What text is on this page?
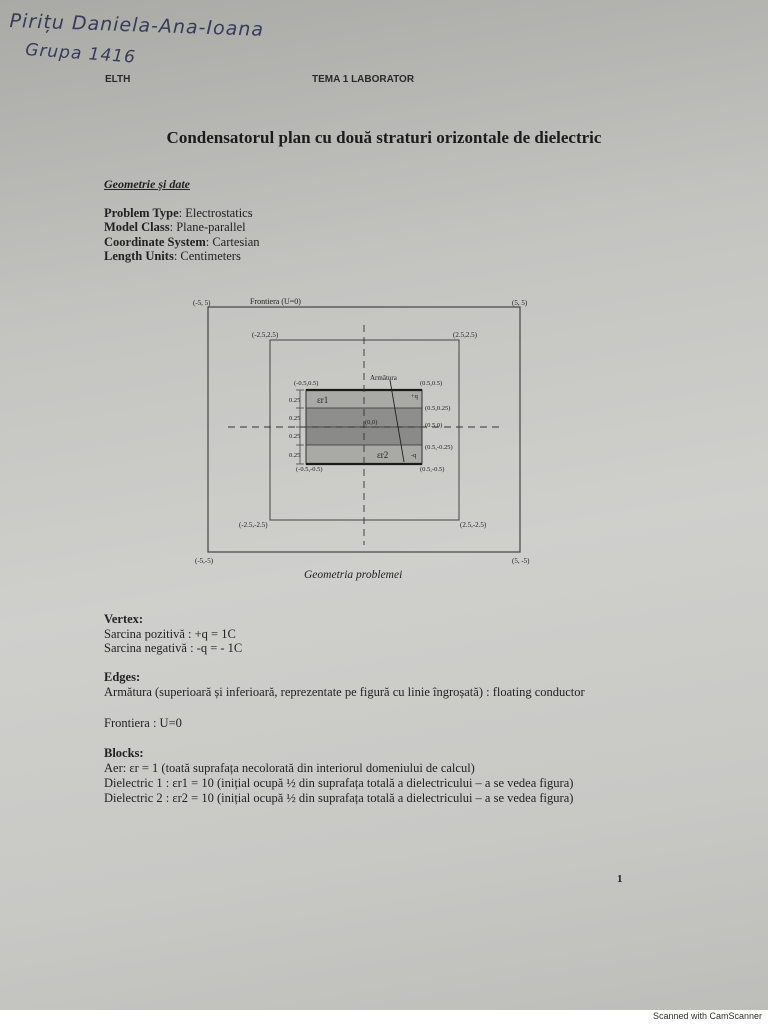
Pirițu Daniela-Ana-Ioana
Grupa 1416
ELTH	TEMA 1 LABORATOR
Condensatorul plan cu două straturi orizontale de dielectric
Geometrie și date
Problem Type: Electrostatics
Model Class: Plane-parallel
Coordinate System: Cartesian
Length Units: Centimeters
(-5, 5)	(5, 5)
(-5,-5)	(5, -5)
Frontiera (U=0)
(-2.5,2.5)	(2.5,2.5)
(-2.5,-2.5)	(2.5,-2.5)
(-0.5,0.5)	(0.5,0.5)
(-0.5,-0.5)	(0.5,-0.5)
(0.5,0.25)
(0.5,0)
(0.5,-0.25)
(0,0)
Armătura
+q
-q
εr1
εr2
0.25
0.25
0.25
0.25
Geometria problemei
Vertex:
Sarcina pozitivă : +q = 1C
Sarcina negativă : -q = - 1C
Edges:
Armătura (superioară și inferioară, reprezentate pe figură cu linie îngroșată) : floating conductor
Frontiera : U=0
Blocks:
Aer: εr = 1 (toată suprafața necolorată din interiorul domeniului de calcul)
Dielectric 1 : εr1 = 10 (inițial ocupă ½ din suprafața totală a dielectricului – a se vedea figura)
Dielectric 2 : εr2 = 10 (inițial ocupă ½ din suprafața totală a dielectricului – a se vedea figura)
1
Scanned with CamScanner
